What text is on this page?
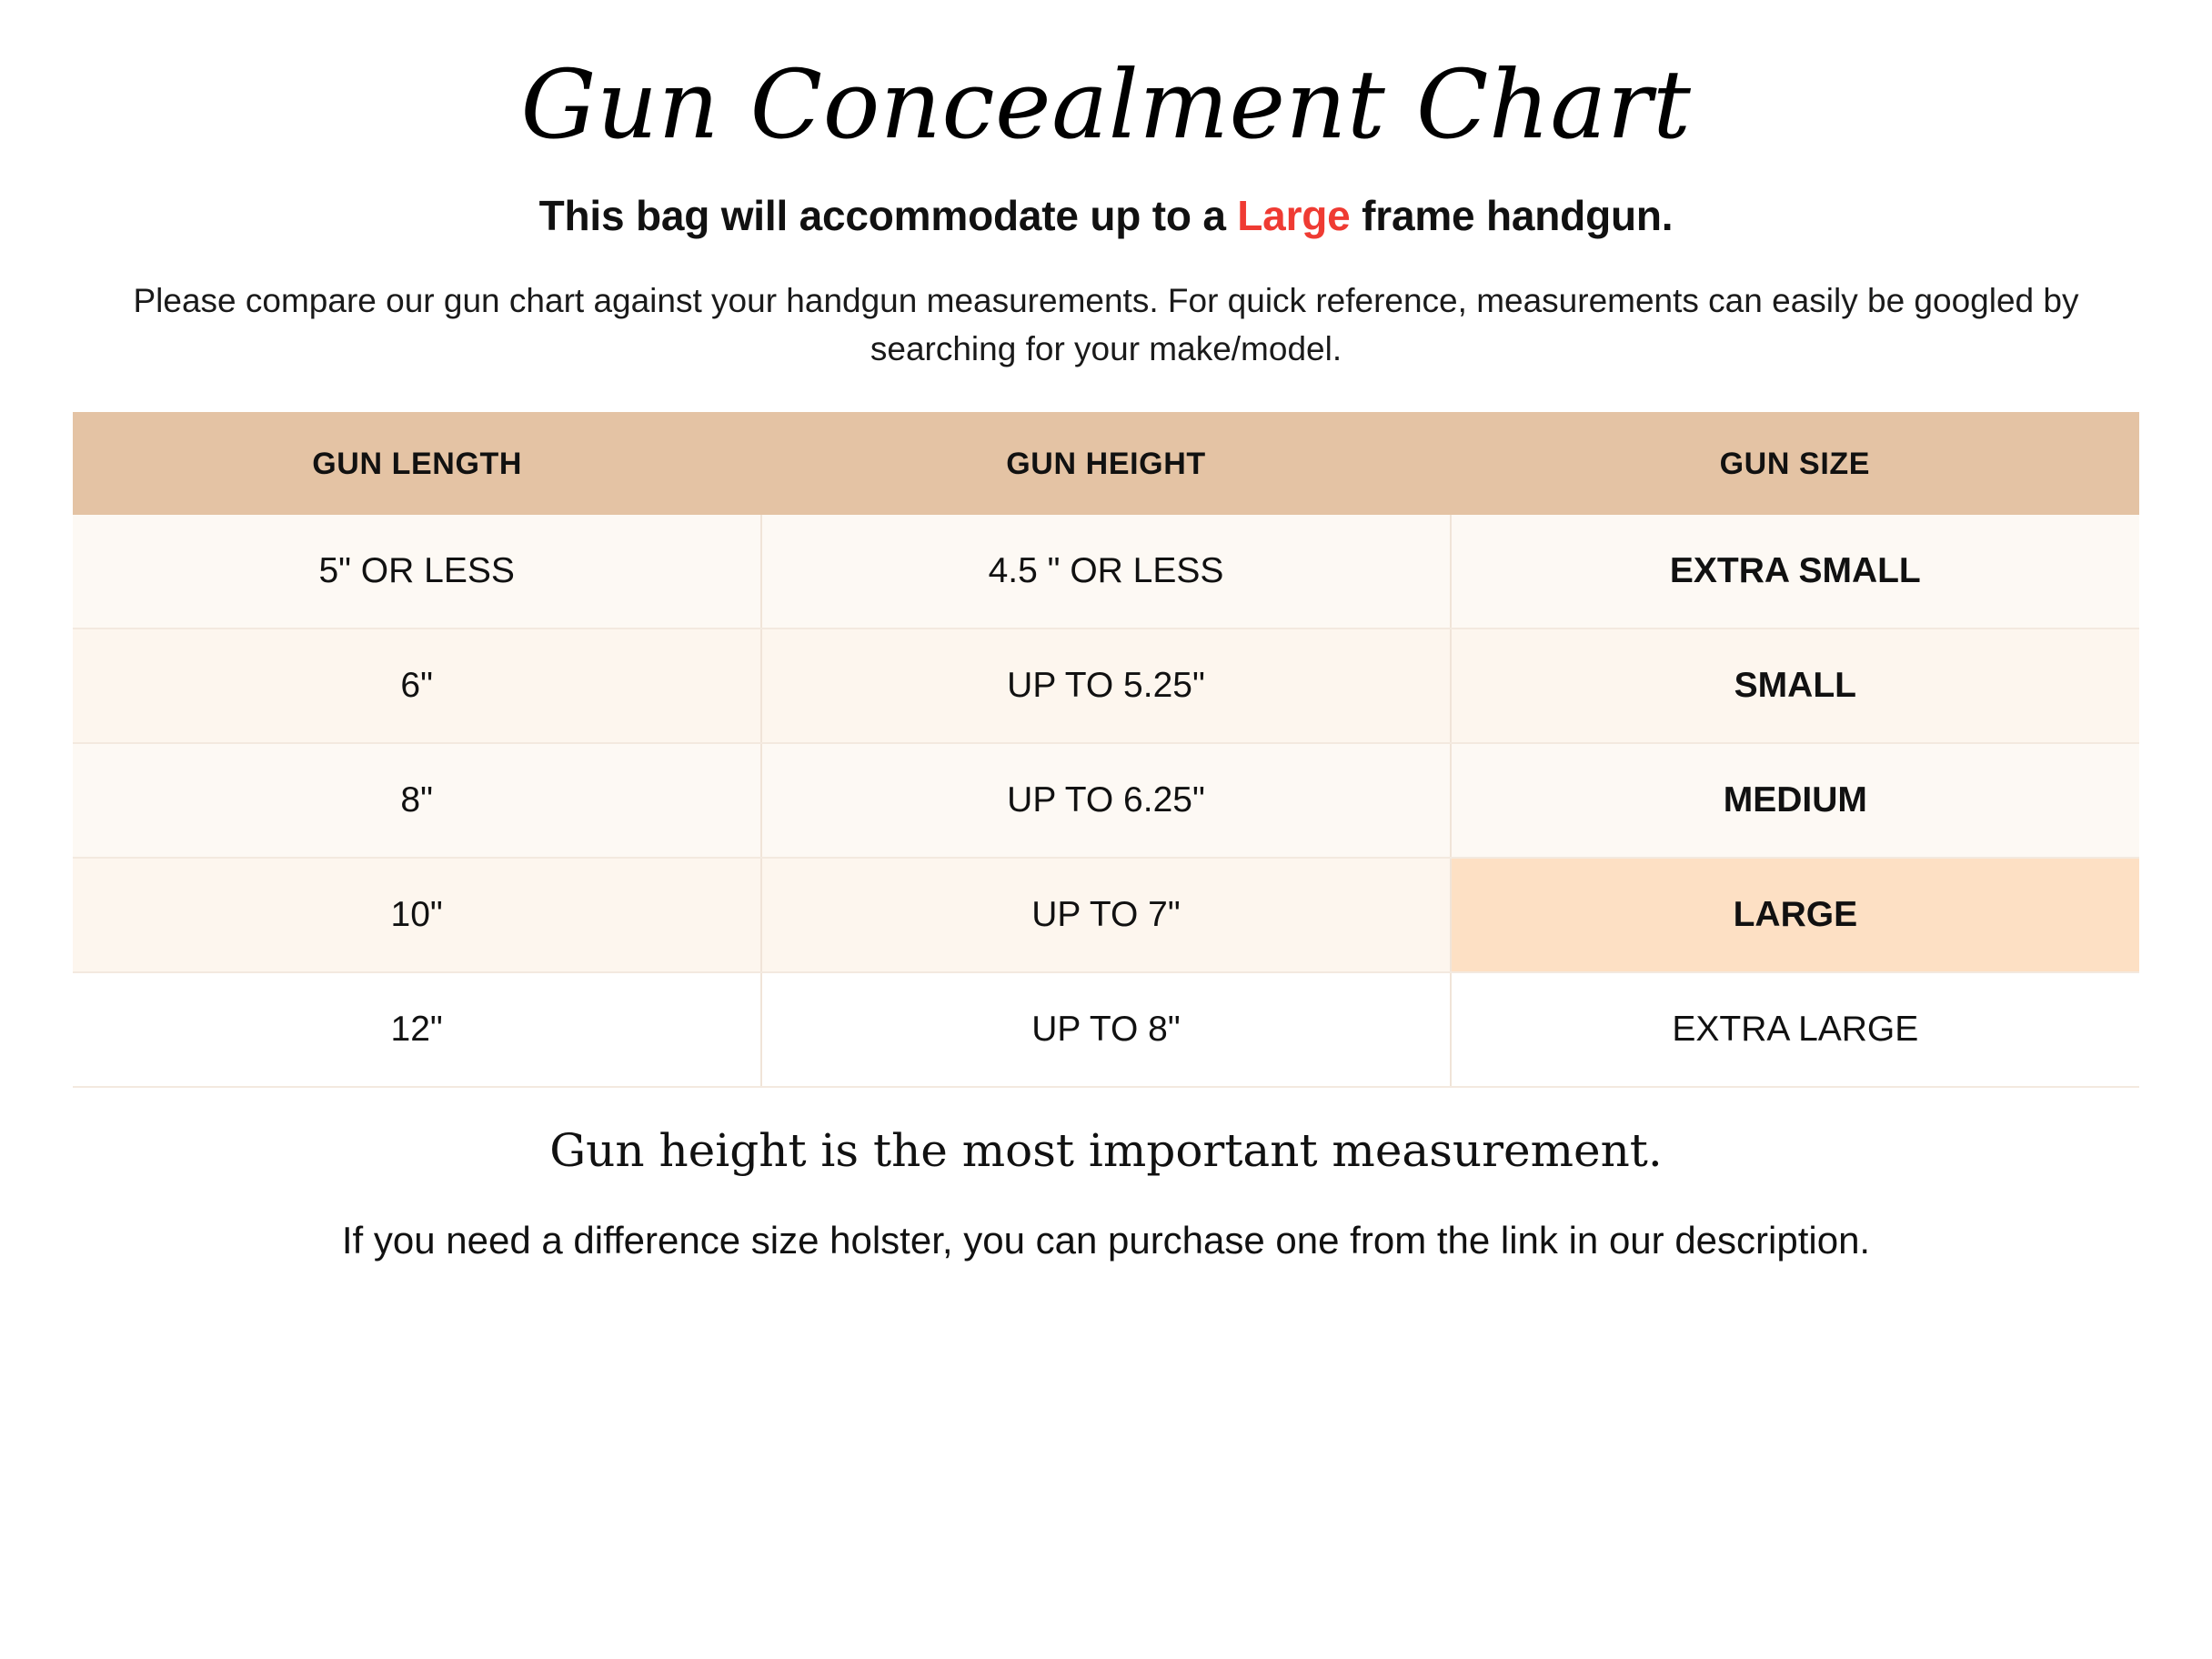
Gun Concealment Chart

This bag will accommodate up to a Large frame handgun.

Please compare our gun chart against your handgun measurements. For quick reference, measurements can easily be googled by searching for your make/model.

GUN LENGTH	GUN HEIGHT	GUN SIZE
5" OR LESS	4.5 " OR LESS	EXTRA SMALL
6"	UP TO 5.25"	SMALL
8"	UP TO 6.25"	MEDIUM
10"	UP TO 7"	LARGE
12"	UP TO 8"	EXTRA LARGE

Gun height is the most important measurement.

If you need a difference size holster, you can purchase one from the link in our description.
